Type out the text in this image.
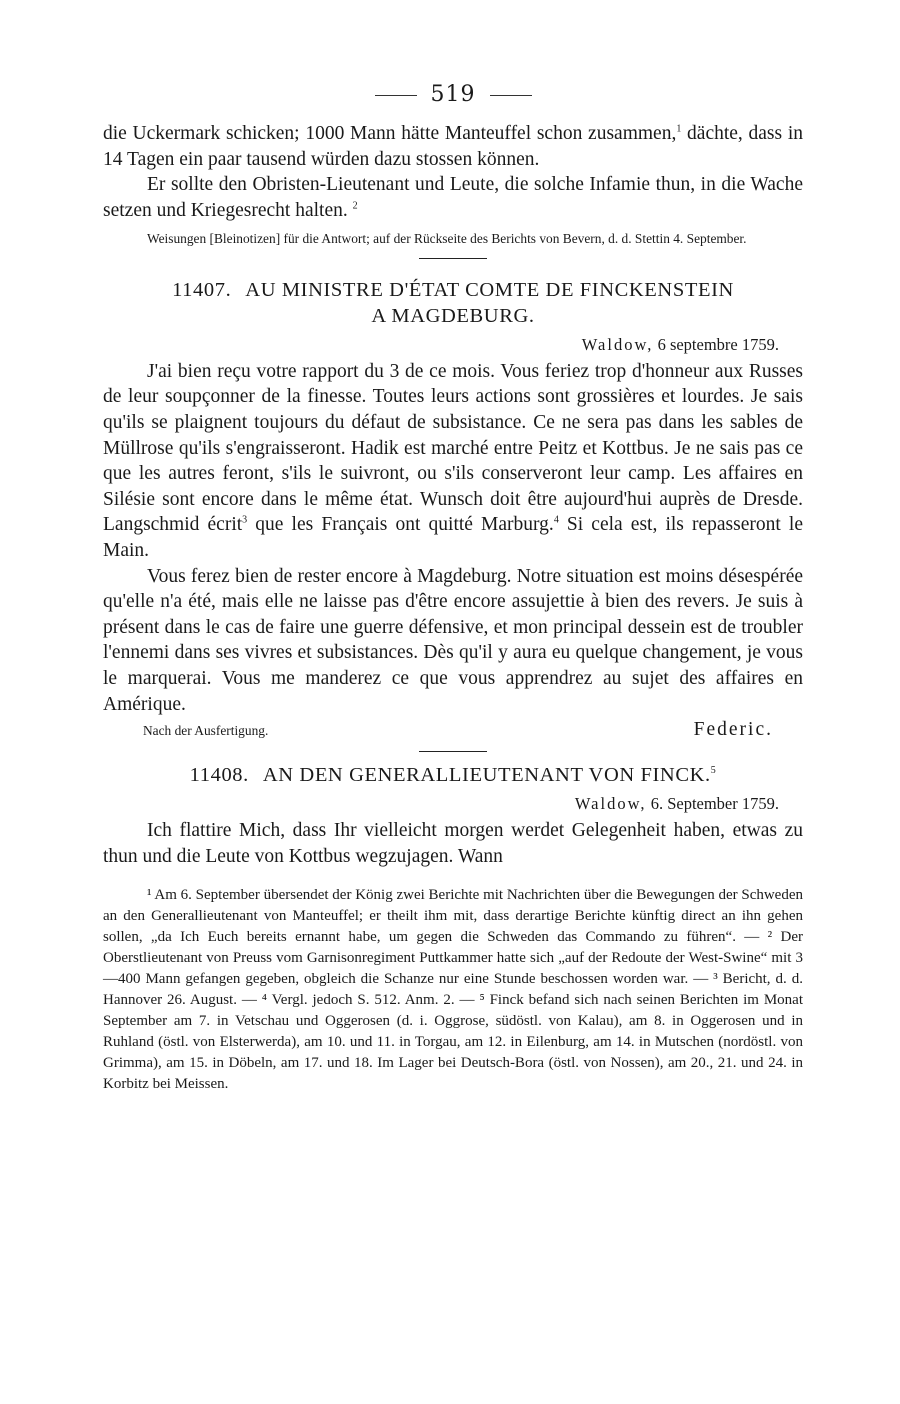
519

die Uckermark schicken; 1000 Mann hätte Manteuffel schon zusammen,$^1$ dächte, dass in 14 Tagen ein paar tausend würden dazu stossen können.

Er sollte den Obristen-Lieutenant und Leute, die solche Infamie thun, in die Wache setzen und Kriegesrecht halten. $^2$

Weisungen [Bleinotizen] für die Antwort; auf der Rückseite des Berichts von Bevern, d. d. Stettin 4. September.
11407. AU MINISTRE D'ÉTAT COMTE DE FINCKENSTEIN
A MAGDEBURG.
Waldow, 6 septembre 1759.

J'ai bien reçu votre rapport du 3 de ce mois. Vous feriez trop d'honneur aux Russes de leur soupçonner de la finesse. Toutes leurs actions sont grossières et lourdes. Je sais qu'ils se plaignent toujours du défaut de subsistance. Ce ne sera pas dans les sables de Müllrose qu'ils s'engraisseront. Hadik est marché entre Peitz et Kottbus. Je ne sais pas ce que les autres feront, s'ils le suivront, ou s'ils conserveront leur camp. Les affaires en Silésie sont encore dans le même état. Wunsch doit être aujourd'hui auprès de Dresde. Langschmid écrit$^3$ que les Français ont quitté Marburg.$^4$ Si cela est, ils repasseront le Main.

Vous ferez bien de rester encore à Magdeburg. Notre situation est moins désespérée qu'elle n'a été, mais elle ne laisse pas d'être encore assujettie à bien des revers. Je suis à présent dans le cas de faire une guerre défensive, et mon principal dessein est de troubler l'ennemi dans ses vivres et subsistances. Dès qu'il y aura eu quelque changement, je vous le marquerai. Vous me manderez ce que vous apprendrez au sujet des affaires en Amérique.

Nach der Ausfertigung.	Federic.
11408. AN DEN GENERALLIEUTENANT VON FINCK.$^5$
Waldow, 6. September 1759.

Ich flattire Mich, dass Ihr vielleicht morgen werdet Gelegenheit haben, etwas zu thun und die Leute von Kottbus wegzujagen. Wann

¹ Am 6. September übersendet der König zwei Berichte mit Nachrichten über die Bewegungen der Schweden an den Generallieutenant von Manteuffel; er theilt ihm mit, dass derartige Berichte künftig direct an ihn gehen sollen, „da Ich Euch bereits ernannt habe, um gegen die Schweden das Commando zu führen“. — ² Der Oberstlieutenant von Preuss vom Garnisonregiment Puttkammer hatte sich „auf der Redoute der West-Swine“ mit 3—400 Mann gefangen gegeben, obgleich die Schanze nur eine Stunde beschossen worden war. — ³ Bericht, d. d. Hannover 26. August. — ⁴ Vergl. jedoch S. 512. Anm. 2. — ⁵ Finck befand sich nach seinen Berichten im Monat September am 7. in Vetschau und Oggerosen (d. i. Oggrose, südöstl. von Kalau), am 8. in Oggerosen und in Ruhland (östl. von Elsterwerda), am 10. und 11. in Torgau, am 12. in Eilenburg, am 14. in Mutschen (nordöstl. von Grimma), am 15. in Döbeln, am 17. und 18. Im Lager bei Deutsch-Bora (östl. von Nossen), am 20., 21. und 24. in Korbitz bei Meissen.
